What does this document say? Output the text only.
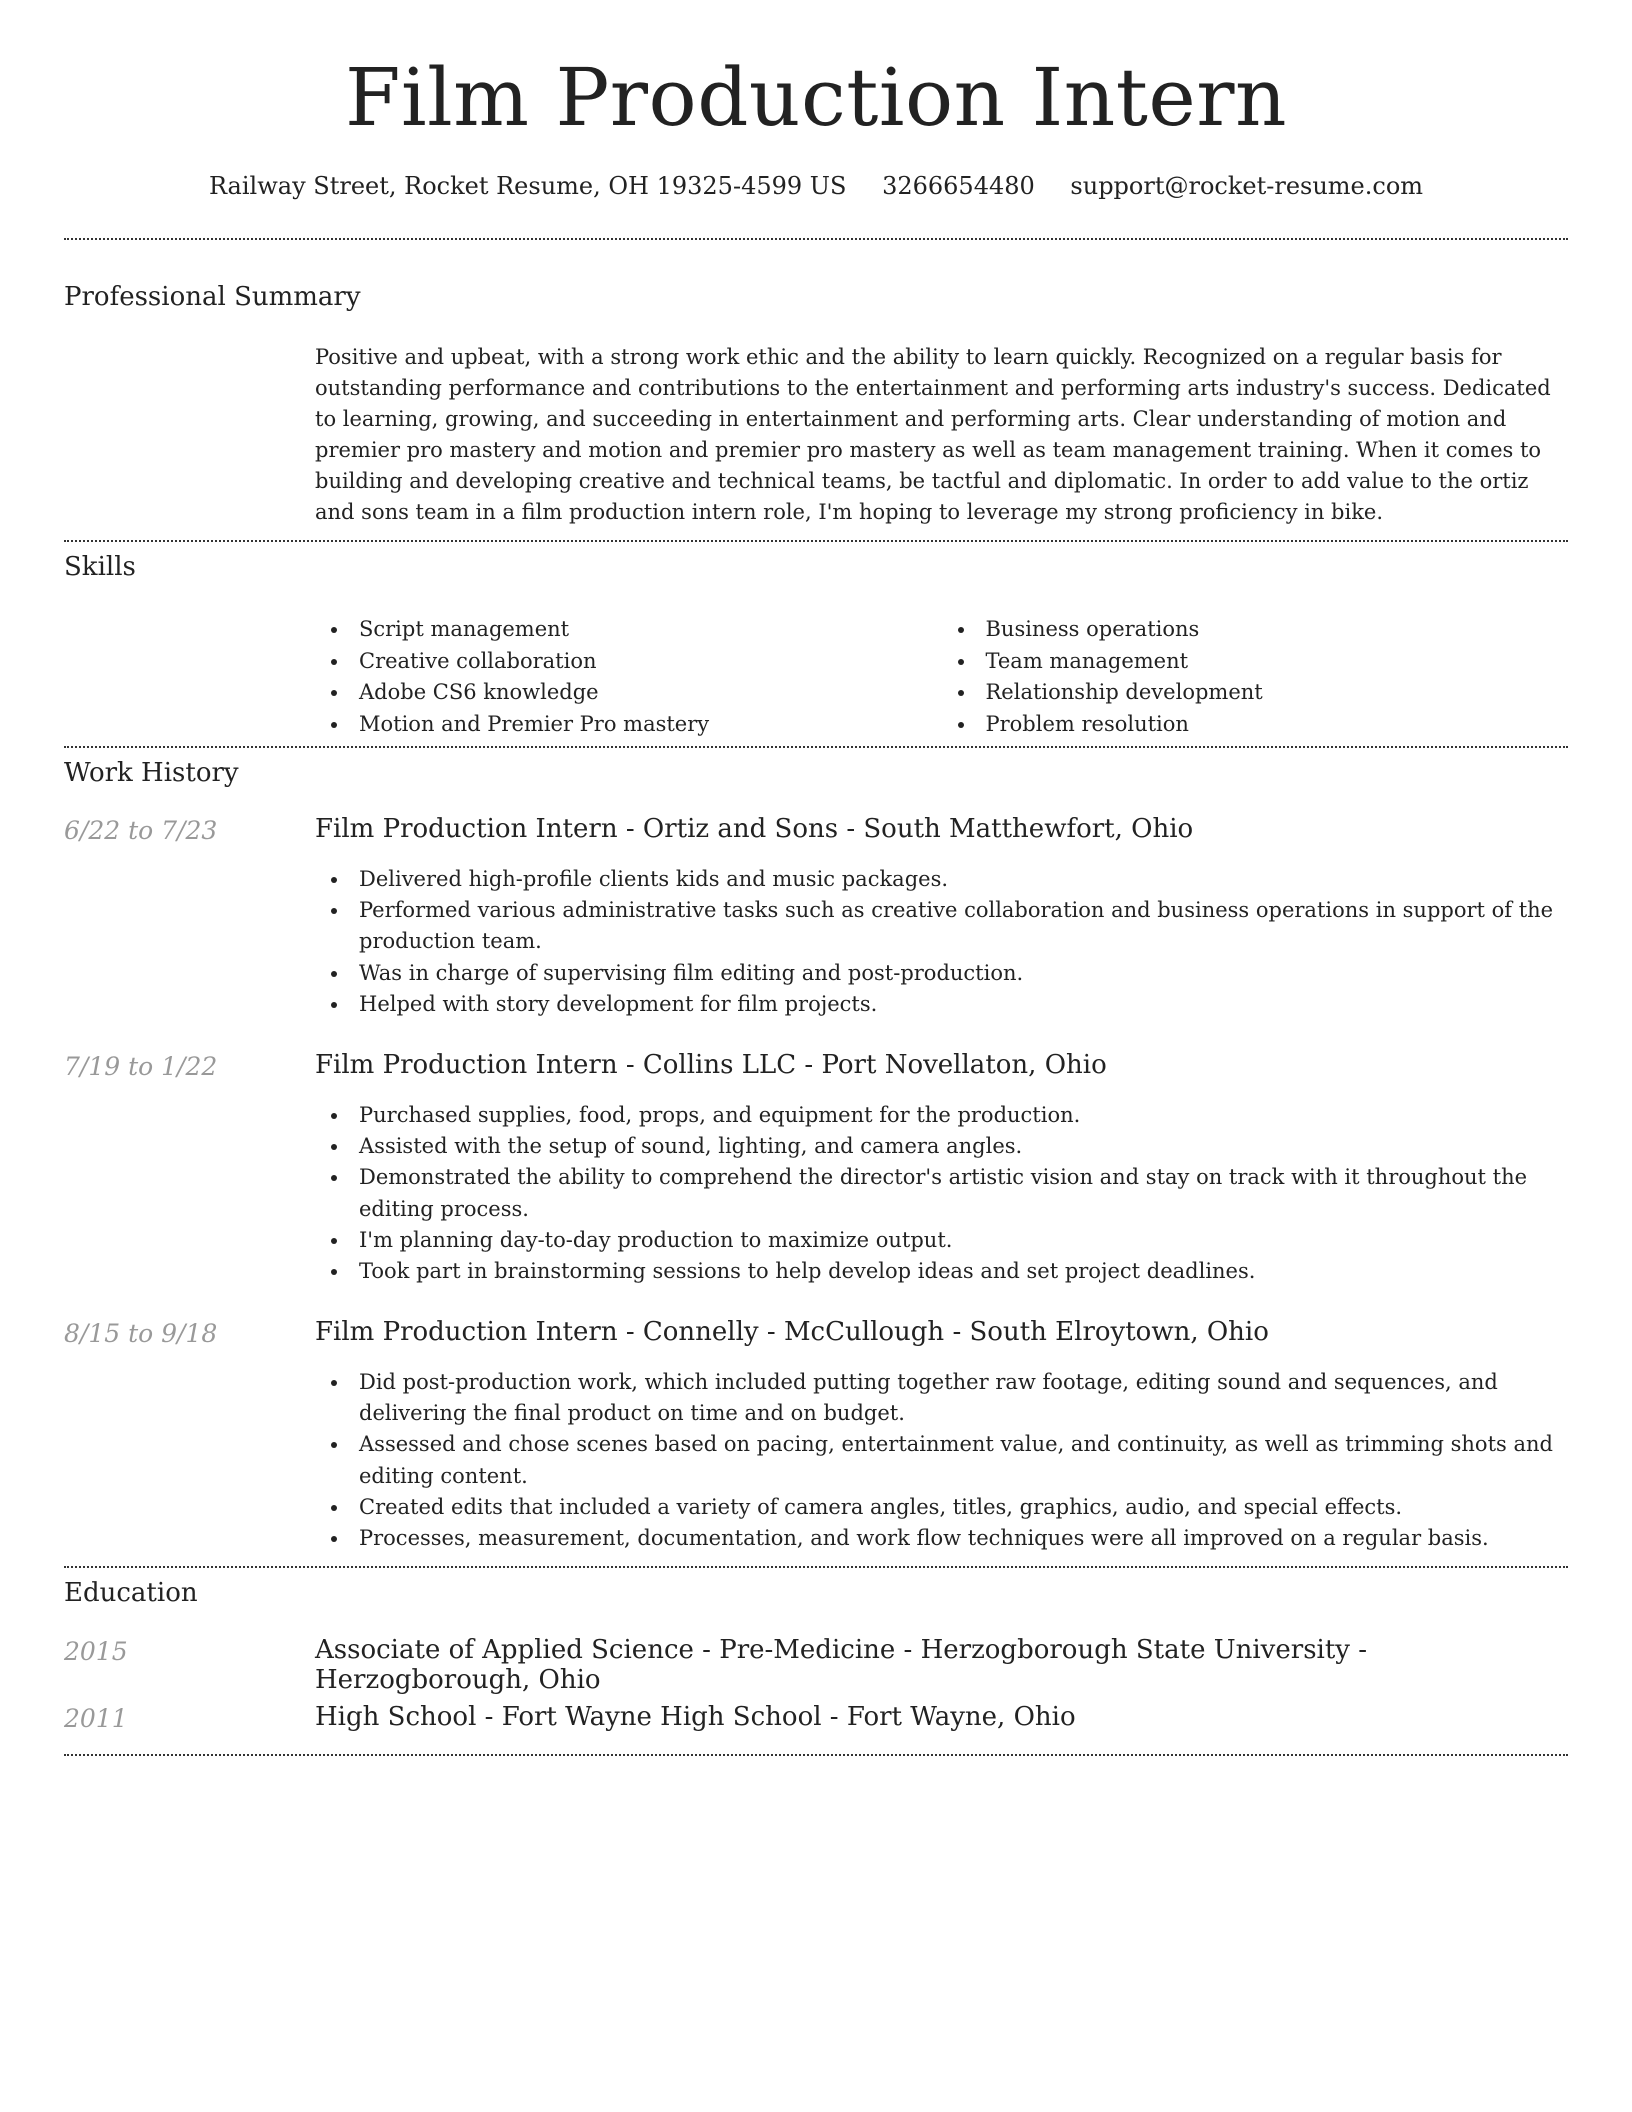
Film Production Intern
Railway Street, Rocket Resume, OH 19325-4599 US 3266654480 support@rocket-resume.com
Professional Summary

Positive and upbeat, with a strong work ethic and the ability to learn quickly. Recognized on a regular basis for outstanding performance and contributions to the entertainment and performing arts industry's success. Dedicated to learning, growing, and succeeding in entertainment and performing arts. Clear understanding of motion and premier pro mastery and motion and premier pro mastery as well as team management training. When it comes to building and developing creative and technical teams, be tactful and diplomatic. In order to add value to the ortiz and sons team in a film production intern role, I'm hoping to leverage my strong proficiency in bike.

Skills
Script management
Creative collaboration
Adobe CS6 knowledge
Motion and Premier Pro mastery
Business operations
Team management
Relationship development
Problem resolution
Work History
6/22 to 7/23	Film Production Intern - Ortiz and Sons - South Matthewfort, Ohio
Delivered high-profile clients kids and music packages.
Performed various administrative tasks such as creative collaboration and business operations in support of the production team.
Was in charge of supervising film editing and post-production.
Helped with story development for film projects.
7/19 to 1/22	Film Production Intern - Collins LLC - Port Novellaton, Ohio
Purchased supplies, food, props, and equipment for the production.
Assisted with the setup of sound, lighting, and camera angles.
Demonstrated the ability to comprehend the director's artistic vision and stay on track with it throughout the editing process.
I'm planning day-to-day production to maximize output.
Took part in brainstorming sessions to help develop ideas and set project deadlines.
8/15 to 9/18	Film Production Intern - Connelly - McCullough - South Elroytown, Ohio
Did post-production work, which included putting together raw footage, editing sound and sequences, and delivering the final product on time and on budget.
Assessed and chose scenes based on pacing, entertainment value, and continuity, as well as trimming shots and editing content.
Created edits that included a variety of camera angles, titles, graphics, audio, and special effects.
Processes, measurement, documentation, and work flow techniques were all improved on a regular basis.
Education
2015	Associate of Applied Science - Pre-Medicine - Herzogborough State University - Herzogborough, Ohio
2011	High School - Fort Wayne High School - Fort Wayne, Ohio
